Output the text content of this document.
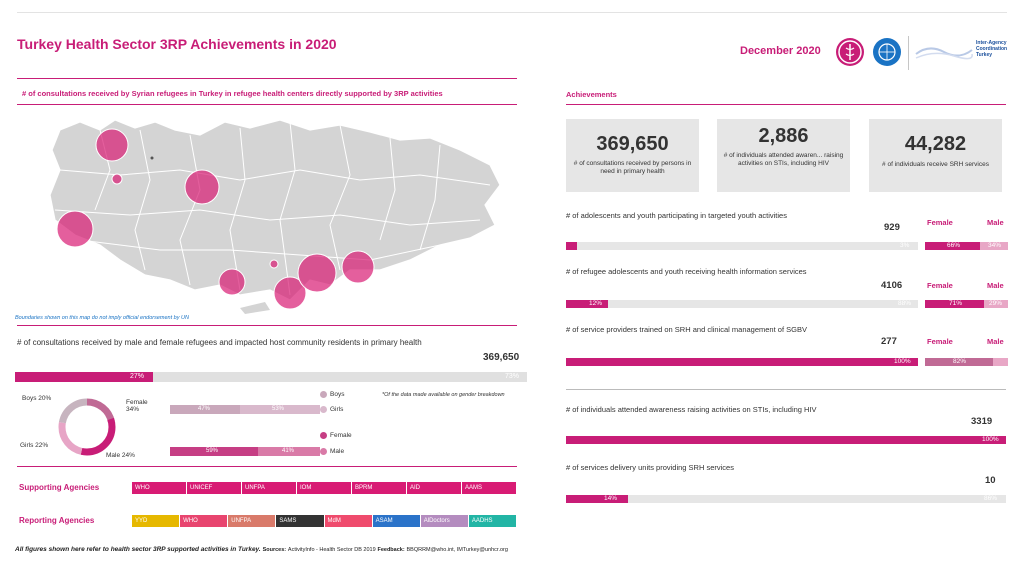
Turkey Health Sector 3RP Achievements in 2020	December 2020
Inter-Agency Coordination Turkey
# of consultations received by Syrian refugees in Turkey in refugee health centers directly supported by 3RP activities
Boundaries shown on this map do not imply official endorsement by UN
# of consultations received by male and female refugees and impacted host community residents in primary health
369,650
27%	73%
Boys 20%
Female 34%
Girls 22%
Male 24%
*Of the data made available on gender breakdown
47%	53%
59%	41%
Boys
Girls
Female
Male
Supporting Agencies	WHO	UNICEF	UNFPA	IOM	BPRM	AID	AAMS
Reporting Agencies	YYD	WHO	UNFPA	SAMS	MdM	ASAM	AlDoctors	AADHS
All figures shown here refer to health sector 3RP supported activities in Turkey. Sources: ActivityInfo - Health Sector DB 2019 Feedback: BBQRRM@who.int, IMTurkey@unhcr.org
Achievements
369,650
# of consultations received by persons in need in primary health
2,886
# of individuals attended awaren... raising activities on STIs, including HIV
44,282
# of individuals receive SRH services
# of adolescents and youth participating in targeted youth activities
929	Female	Male
3%	66%	34%
# of refugee adolescents and youth receiving health information services
4106	Female	Male
12%	88%	71%	29%
# of service providers trained on SRH and clinical management of SGBV
277	Female	Male
100%	82%
# of individuals attended awareness raising activities on STIs, including HIV
3319
100%
# of services delivery units providing SRH services
10
14%	86%
